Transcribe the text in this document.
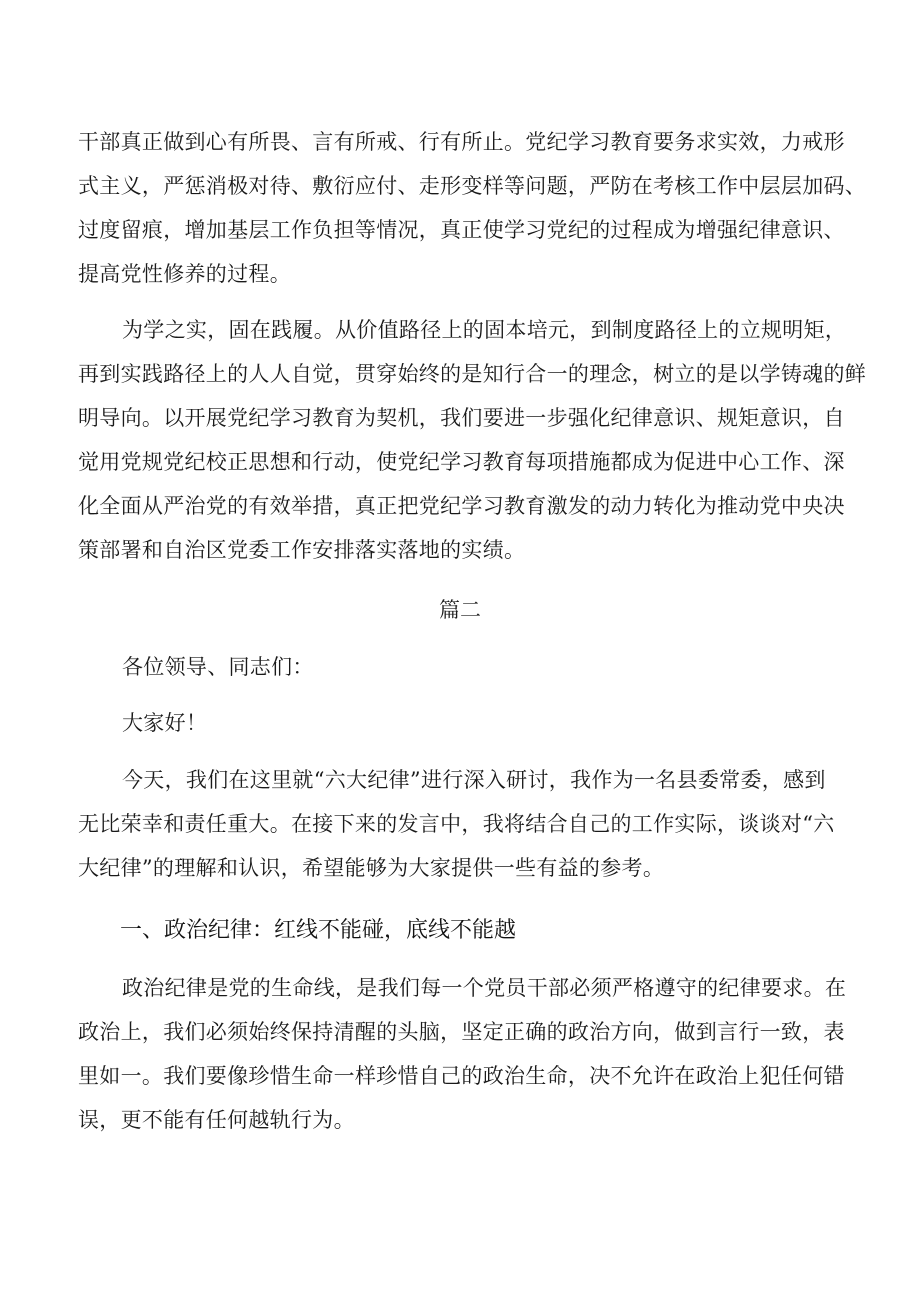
干部真正做到心有所畏、言有所戒、行有所止。党纪学习教育要务求实效，力戒形
式主义，严惩消极对待、敷衍应付、走形变样等问题，严防在考核工作中层层加码、
过度留痕，增加基层工作负担等情况，真正使学习党纪的过程成为增强纪律意识、
提高党性修养的过程。
为学之实，固在践履。从价值路径上的固本培元，到制度路径上的立规明矩，
再到实践路径上的人人自觉，贯穿始终的是知行合一的理念，树立的是以学铸魂的鲜
明导向。以开展党纪学习教育为契机，我们要进一步强化纪律意识、规矩意识，自
觉用党规党纪校正思想和行动，使党纪学习教育每项措施都成为促进中心工作、深
化全面从严治党的有效举措，真正把党纪学习教育激发的动力转化为推动党中央决
策部署和自治区党委工作安排落实落地的实绩。
篇二
各位领导、同志们：
大家好！
今天，我们在这里就“六大纪律”进行深入研讨，我作为一名县委常委，感到
无比荣幸和责任重大。在接下来的发言中，我将结合自己的工作实际，谈谈对“六
大纪律”的理解和认识，希望能够为大家提供一些有益的参考。
一、政治纪律：红线不能碰，底线不能越
政治纪律是党的生命线，是我们每一个党员干部必须严格遵守的纪律要求。在
政治上，我们必须始终保持清醒的头脑，坚定正确的政治方向，做到言行一致，表
里如一。我们要像珍惜生命一样珍惜自己的政治生命，决不允许在政治上犯任何错
误，更不能有任何越轨行为。
